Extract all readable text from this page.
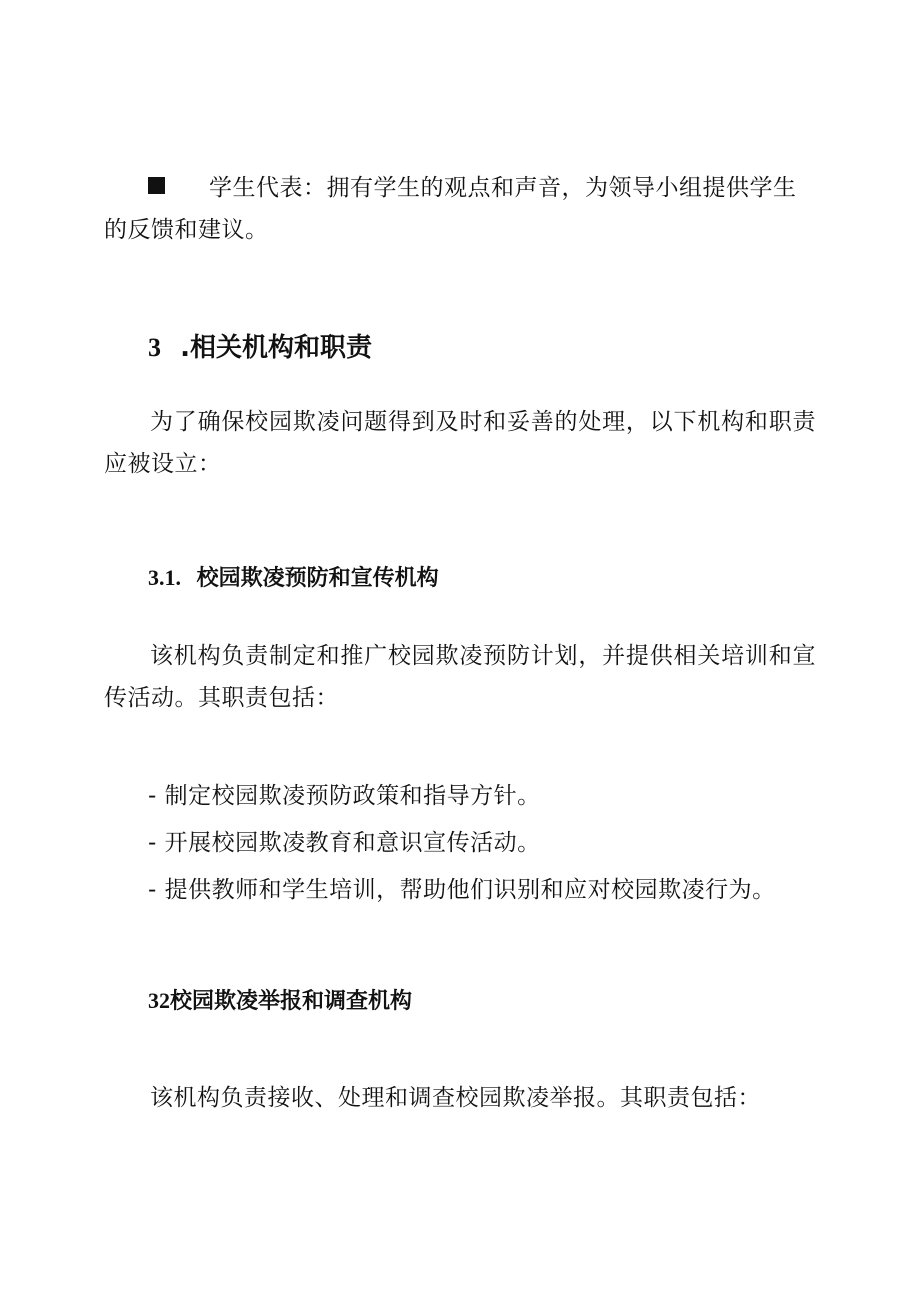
学生代表：拥有学生的观点和声音，为领导小组提供学生的反馈和建议。
3 .相关机构和职责
为了确保校园欺凌问题得到及时和妥善的处理，以下机构和职责应被设立：
3.1. 校园欺凌预防和宣传机构
该机构负责制定和推广校园欺凌预防计划，并提供相关培训和宣传活动。其职责包括：
- 制定校园欺凌预防政策和指导方针。
- 开展校园欺凌教育和意识宣传活动。
- 提供教师和学生培训，帮助他们识别和应对校园欺凌行为。
32校园欺凌举报和调查机构
该机构负责接收、处理和调查校园欺凌举报。其职责包括：
